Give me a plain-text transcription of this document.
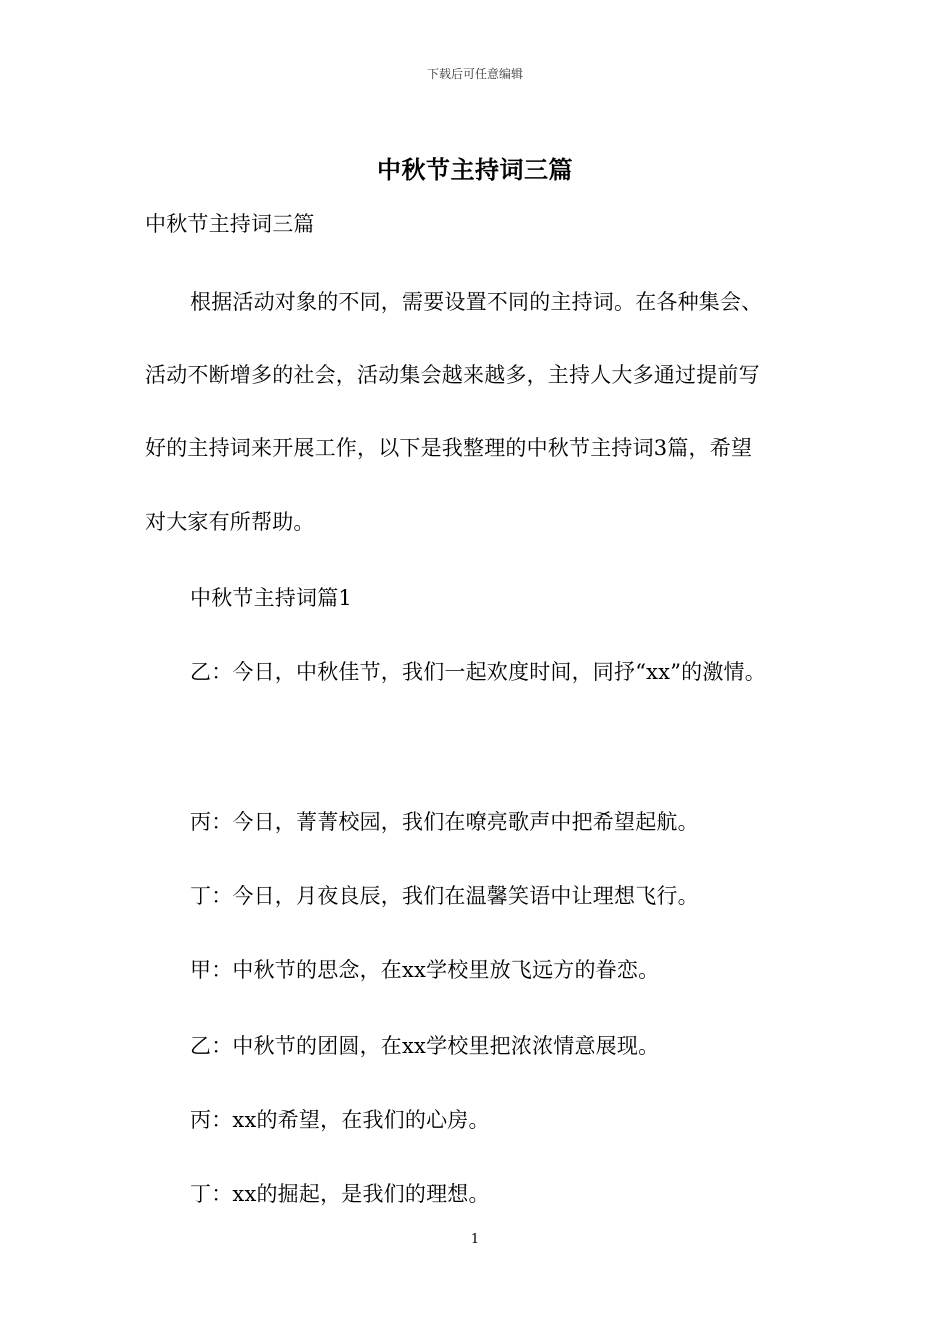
下载后可任意编辑
中秋节主持词三篇
中秋节主持词三篇
根据活动对象的不同，需要设置不同的主持词。在各种集会、
活动不断增多的社会，活动集会越来越多，主持人大多通过提前写
好的主持词来开展工作，以下是我整理的中秋节主持词3篇，希望
对大家有所帮助。
中秋节主持词篇1
乙：今日，中秋佳节，我们一起欢度时间，同抒“xx”的激情。
丙：今日，菁菁校园，我们在嘹亮歌声中把希望起航。
丁：今日，月夜良辰，我们在温馨笑语中让理想飞行。
甲：中秋节的思念，在xx学校里放飞远方的眷恋。
乙：中秋节的团圆，在xx学校里把浓浓情意展现。
丙：xx的希望，在我们的心房。
丁：xx的掘起，是我们的理想。
1
